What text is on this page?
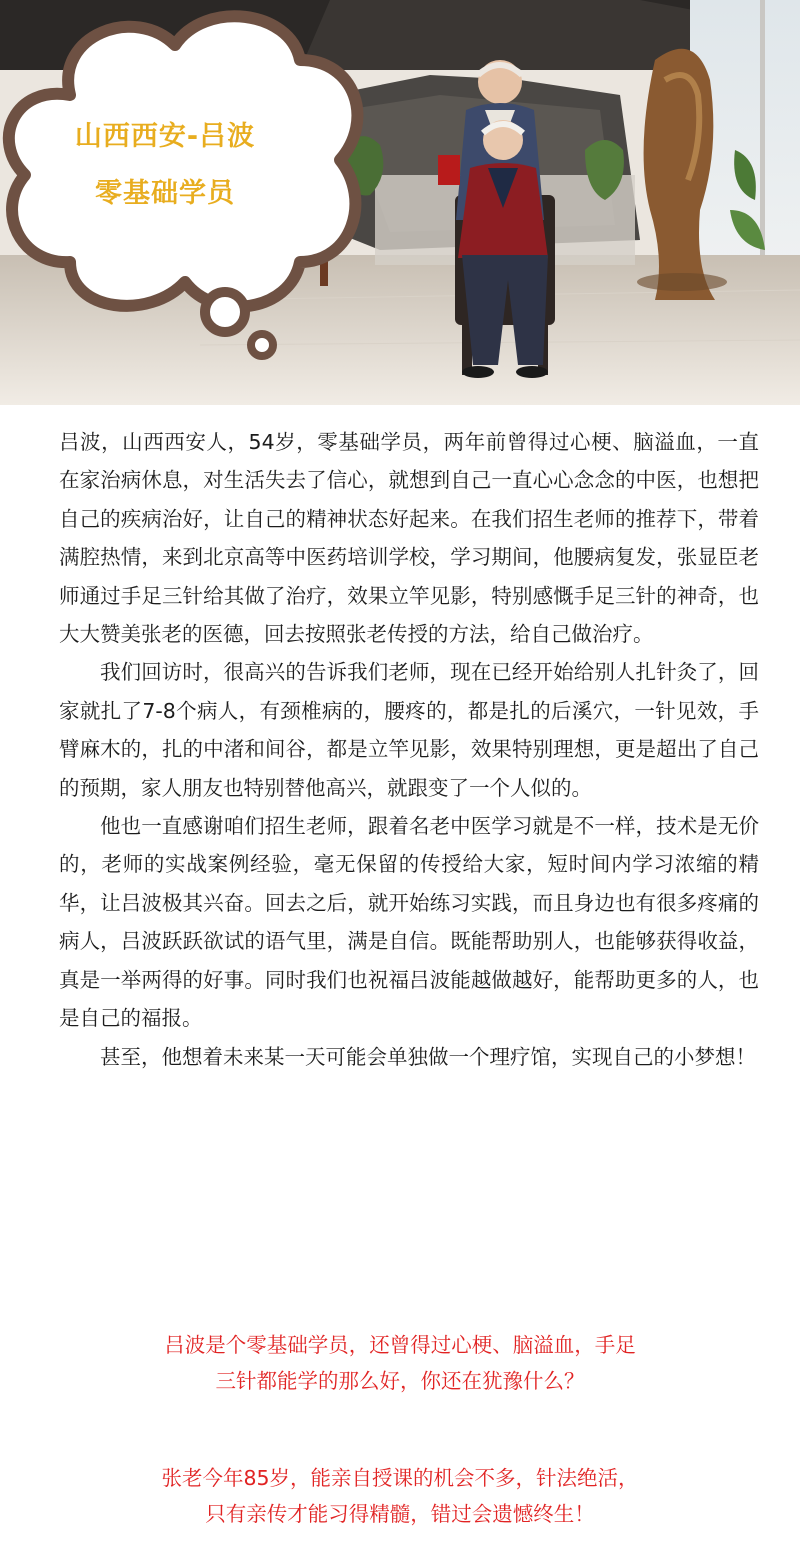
山西西安-吕波
零基础学员

吕波，山西西安人，54岁，零基础学员，两年前曾得过心梗、脑溢血，一直在家治病休息，对生活失去了信心，就想到自己一直心心念念的中医，也想把自己的疾病治好，让自己的精神状态好起来。在我们招生老师的推荐下，带着满腔热情，来到北京高等中医药培训学校，学习期间，他腰病复发，张显臣老师通过手足三针给其做了治疗，效果立竿见影，特别感慨手足三针的神奇，也大大赞美张老的医德，回去按照张老传授的方法，给自己做治疗。

我们回访时，很高兴的告诉我们老师，现在已经开始给别人扎针灸了，回家就扎了7-8个病人，有颈椎病的，腰疼的，都是扎的后溪穴，一针见效，手臂麻木的，扎的中渚和间谷，都是立竿见影，效果特别理想，更是超出了自己的预期，家人朋友也特别替他高兴，就跟变了一个人似的。

他也一直感谢咱们招生老师，跟着名老中医学习就是不一样，技术是无价的，老师的实战案例经验，毫无保留的传授给大家，短时间内学习浓缩的精华，让吕波极其兴奋。回去之后，就开始练习实践，而且身边也有很多疼痛的病人，吕波跃跃欲试的语气里，满是自信。既能帮助别人，也能够获得收益，真是一举两得的好事。同时我们也祝福吕波能越做越好，能帮助更多的人，也是自己的福报。

甚至，他想着未来某一天可能会单独做一个理疗馆，实现自己的小梦想！

吕波是个零基础学员，还曾得过心梗、脑溢血，手足
三针都能学的那么好，你还在犹豫什么？
张老今年85岁，能亲自授课的机会不多，针法绝活，
只有亲传才能习得精髓，错过会遗憾终生！
